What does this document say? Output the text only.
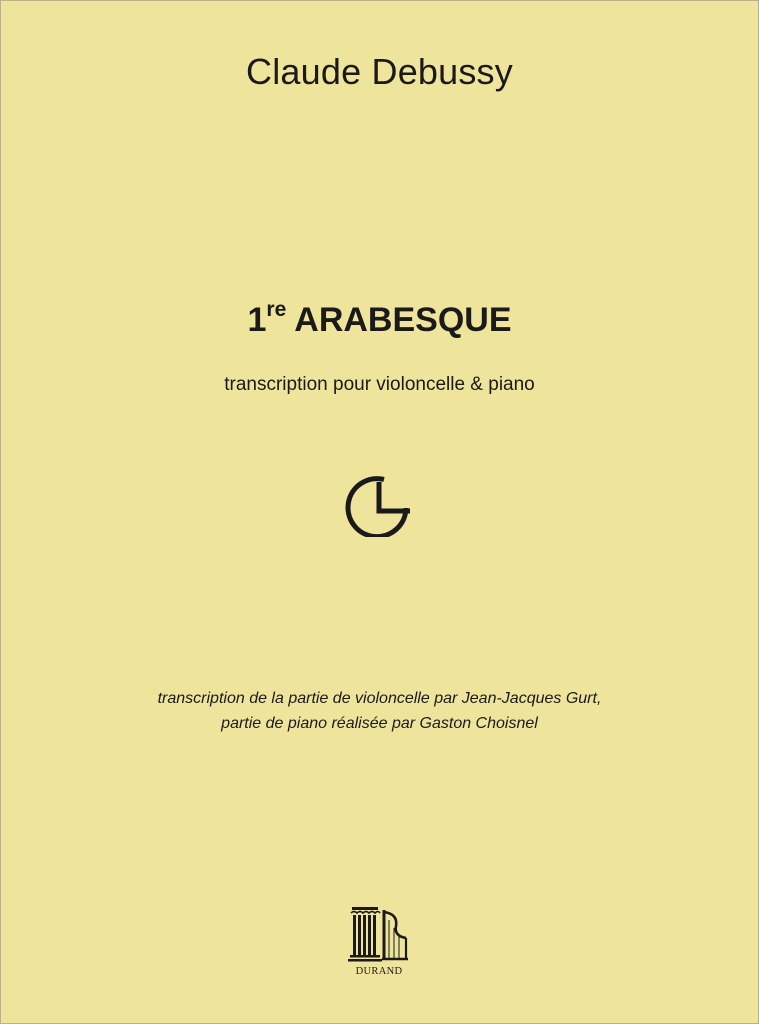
Claude Debussy
1re ARABESQUE
transcription pour violoncelle & piano
transcription de la partie de violoncelle par Jean-Jacques Gurt,
partie de piano réalisée par Gaston Choisnel
DURAND
